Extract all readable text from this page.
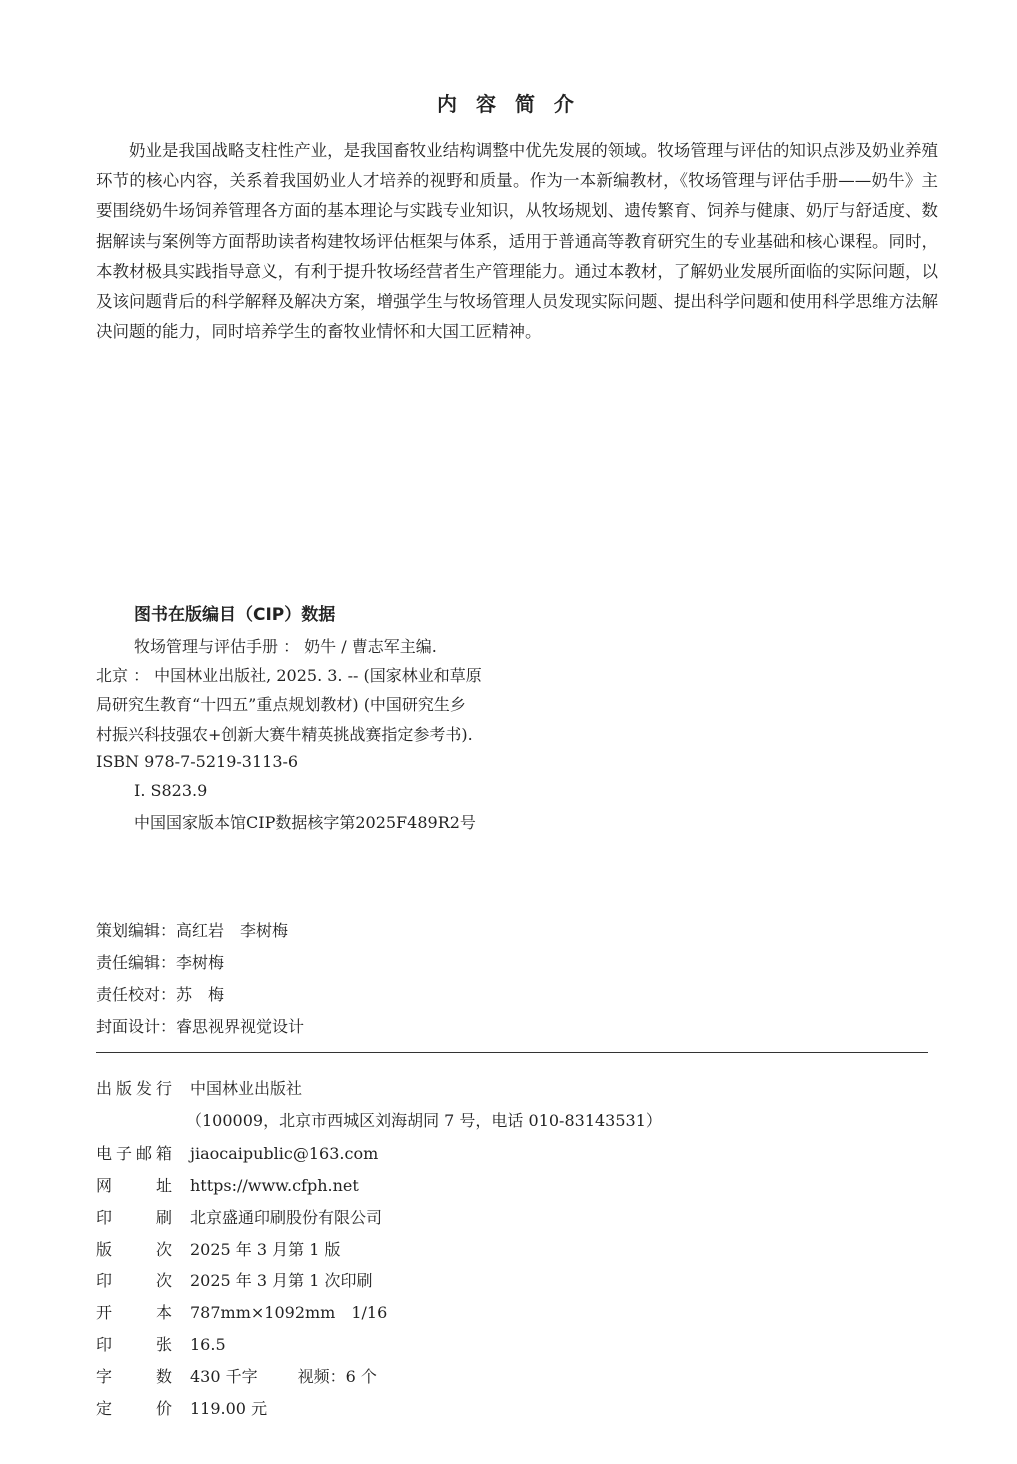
内 容 简 介

奶业是我国战略支柱性产业，是我国畜牧业结构调整中优先发展的领域。牧场管理与评估的知识点涉及奶业养殖环节的核心内容，关系着我国奶业人才培养的视野和质量。作为一本新编教材，《牧场管理与评估手册——奶牛》主要围绕奶牛场饲养管理各方面的基本理论与实践专业知识，从牧场规划、遗传繁育、饲养与健康、奶厅与舒适度、数据解读与案例等方面帮助读者构建牧场评估框架与体系，适用于普通高等教育研究生的专业基础和核心课程。同时，本教材极具实践指导意义，有利于提升牧场经营者生产管理能力。通过本教材，了解奶业发展所面临的实际问题，以及该问题背后的科学解释及解决方案，增强学生与牧场管理人员发现实际问题、提出科学问题和使用科学思维方法解决问题的能力，同时培养学生的畜牧业情怀和大国工匠精神。

图书在版编目（CIP）数据
牧场管理与评估手册 ： 奶牛 / 曹志军主编.
北京 ： 中国林业出版社, 2025. 3. -- (国家林业和草原
局研究生教育“十四五”重点规划教材) (中国研究生乡
村振兴科技强农+创新大赛牛精英挑战赛指定参考书).
ISBN 978-7-5219-3113-6
Ⅰ. S823.9
中国国家版本馆CIP数据核字第2025F489R2号
策划编辑：高红岩　李树梅
责任编辑：李树梅
责任校对：苏　梅
封面设计：睿思视界视觉设计
出版发行 中国林业出版社
（100009，北京市西城区刘海胡同 7 号，电话 010-83143531）
电子邮箱 jiaocaipublic@163.com
网　址 https://www.cfph.net
印　刷 北京盛通印刷股份有限公司
版　次 2025 年 3 月第 1 版
印　次 2025 年 3 月第 1 次印刷
开　本 787mm×1092mm　1/16
印　张 16.5
字　数 430 千字	视频：6 个
定　价 119.00 元
